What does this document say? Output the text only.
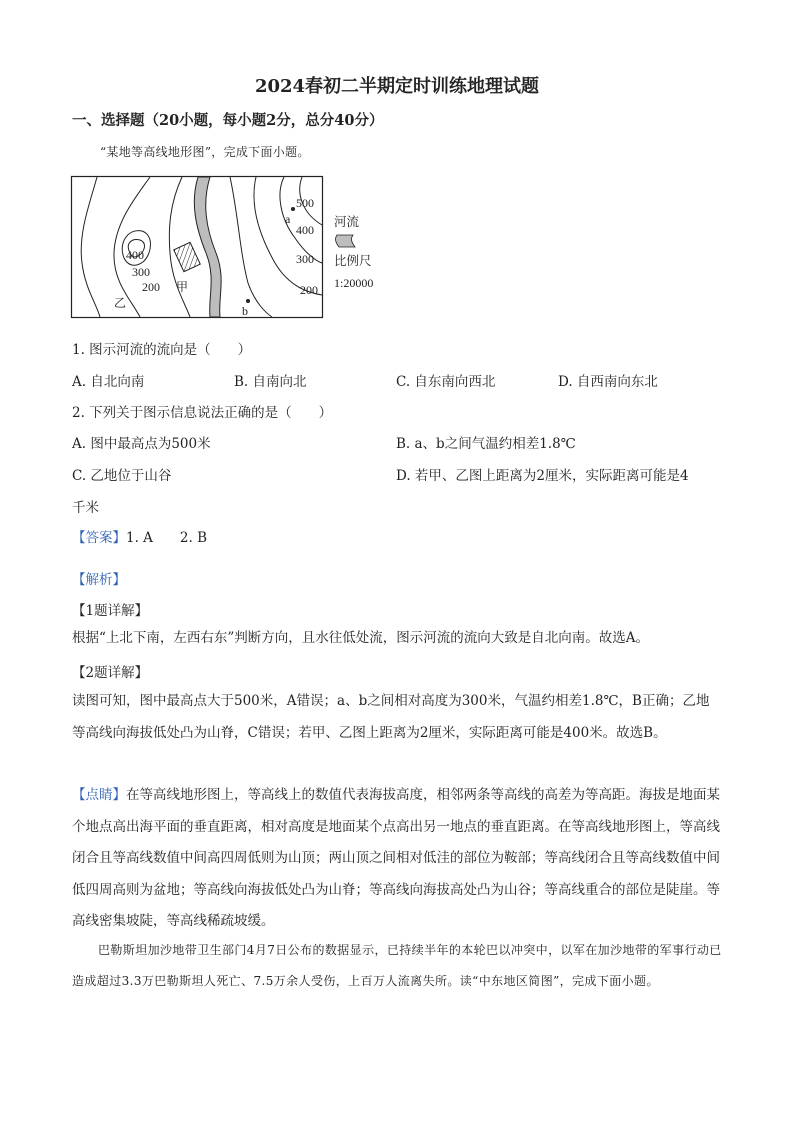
2024春初二半期定时训练地理试题
一、选择题（20小题，每小题2分，总分40分）
“某地等高线地形图”，完成下面小题。
500
400
300
200
400
300
200
a
b
甲
乙
河流
比例尺
1:20000
1. 图示河流的流向是（　　）
A. 自北向南	B. 自南向北	C. 自东南向西北	D. 自西南向东北
2. 下列关于图示信息说法正确的是（　　）
A. 图中最高点为500米	B. a、b之间气温约相差1.8℃
C. 乙地位于山谷	D. 若甲、乙图上距离为2厘米，实际距离可能是4
千米
【答案】1. A　　2. B
【解析】
【1题详解】
根据“上北下南，左西右东”判断方向，且水往低处流，图示河流的流向大致是自北向南。故选A。
【2题详解】
读图可知，图中最高点大于500米，A错误；a、b之间相对高度为300米，气温约相差1.8℃，B正确；乙地等高线向海拔低处凸为山脊，C错误；若甲、乙图上距离为2厘米，实际距离可能是400米。故选B。
【点睛】在等高线地形图上，等高线上的数值代表海拔高度，相邻两条等高线的高差为等高距。海拔是地面某个地点高出海平面的垂直距离，相对高度是地面某个点高出另一地点的垂直距离。在等高线地形图上，等高线闭合且等高线数值中间高四周低则为山顶；两山顶之间相对低洼的部位为鞍部；等高线闭合且等高线数值中间低四周高则为盆地；等高线向海拔低处凸为山脊；等高线向海拔高处凸为山谷；等高线重合的部位是陡崖。等高线密集坡陡，等高线稀疏坡缓。
巴勒斯坦加沙地带卫生部门4月7日公布的数据显示，已持续半年的本轮巴以冲突中，以军在加沙地带的军事行动已造成超过3.3万巴勒斯坦人死亡、7.5万余人受伤，上百万人流离失所。读“中东地区简图”，完成下面小题。
